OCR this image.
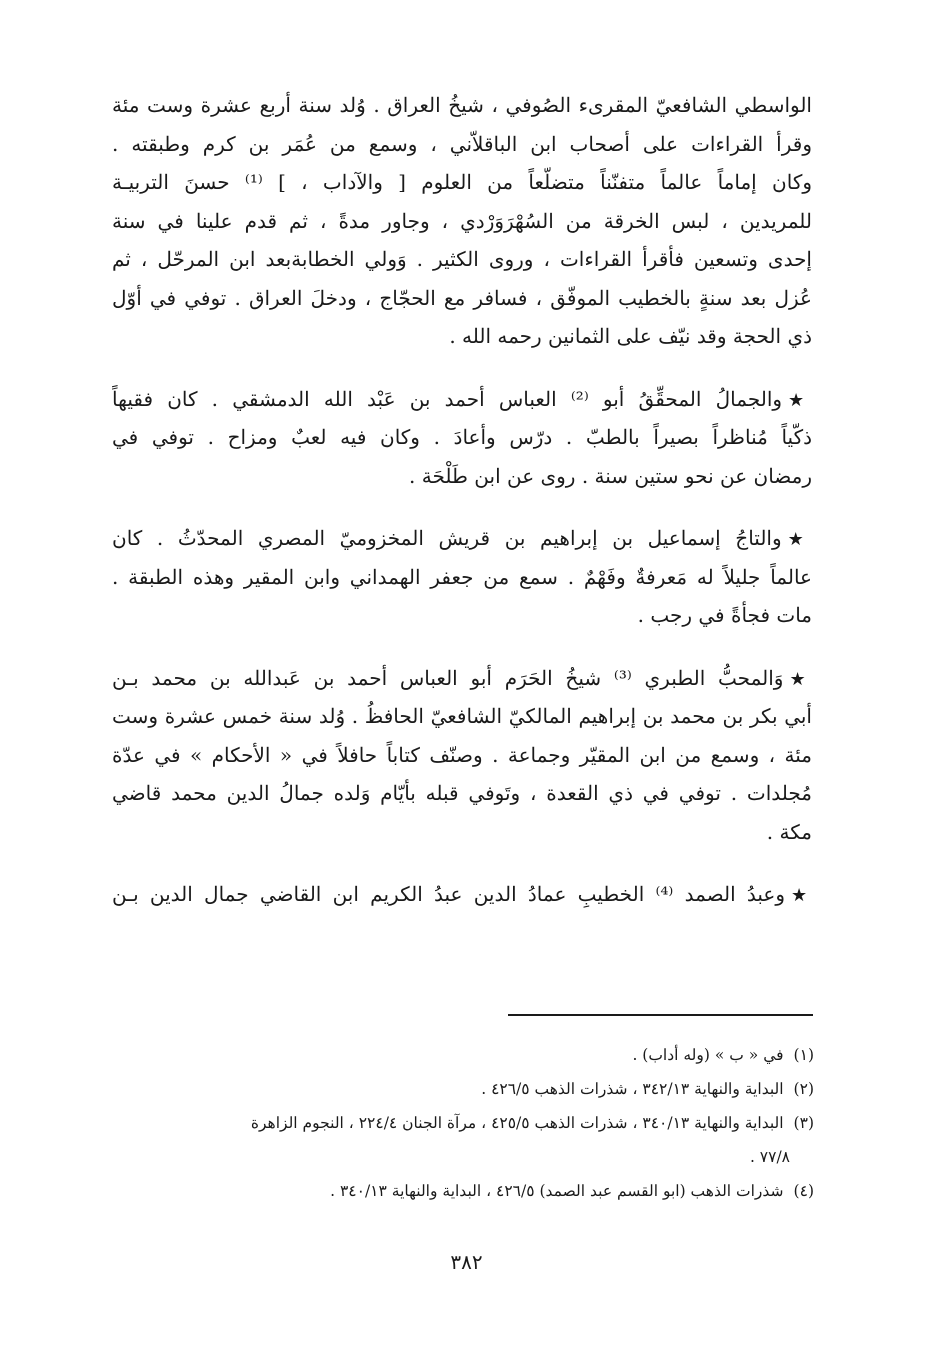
الواسطي الشافعيّ المقرىء الصُوفي ، شيخُ العراق . وُلد سنة أربع عشرة وست مئة
وقرأ القراءات على أصحاب ابن الباقلاّني ، وسمع من عُمَر بن كرم وطبقته .
وكان إماماً عالماً متفنّناً متضلّعاً من العلوم [ والآداب ، ] ⁽¹⁾ حسنَ التربيـة
للمريدين ، لبس الخرقة من السُهْرَوَرْدي ، وجاور مدةً ، ثم قدم علينا في سنة
إحدى وتسعين فأقرأ القراءات ، وروى الكثير . وَولي الخطابةبعد ابن المرحّل ، ثم
عُزل بعد سنةٍ بالخطيب الموفّق ، فسافر مع الحجّاج ، ودخلَ العراق . توفي في أوّل
ذي الحجة وقد نيّف على الثمانين رحمه الله .
★والجمالُ المحقِّقُ أبو ⁽²⁾ العباس أحمد بن عَبْد الله الدمشقي . كان فقيهاً
ذكّياً مُناظراً بصيراً بالطبّ . درّس وأعادَ . وكان فيه لعبٌ ومزاح . توفي في
رمضان عن نحو ستين سنة . روى عن ابن طَلْحَة .
★والتاجُ إسماعيل بن إبراهيم بن قريش المخزوميّ المصري المحدّثُ . كان
عالماً جليلاً له مَعرفةٌ وفَهْمٌ . سمع من جعفر الهمداني وابن المقير وهذه الطبقة .
مات فجأةً في رجب .
★وَالمحبُّ الطبري ⁽³⁾ شيخُ الحَرَم أبو العباس أحمد بن عَبدالله بن محمد بـن
أبي بكر بن محمد بن إبراهيم المالكيّ الشافعيّ الحافظُ . وُلد سنة خمس عشرة وست
مئة ، وسمع من ابن المقيّر وجماعة . وصنّف كتاباً حافلاً في « الأحكام » في عدّة
مُجلدات . توفي في ذي القعدة ، وتَوفي قبله بأيّام وَلده جمالُ الدين محمد قاضي
مكة .
★وعبدُ الصمد ⁽⁴⁾ الخطيبِ عمادُ الدين عبدُ الكريم ابن القاضي جمال الدين بـن
(١)في « ب » (وله أداب) .
(٢)البداية والنهاية ٣٤٢/١٣ ، شذرات الذهب ٤٢٦/٥ .
(٣)البداية والنهاية ٣٤٠/١٣ ، شذرات الذهب ٤٢٥/٥ ، مرآة الجنان ٢٢٤/٤ ، النجوم الزاهرة
٧٧/٨ .
(٤)شذرات الذهب (ابو القسم عبد الصمد) ٤٢٦/٥ ، البداية والنهاية ٣٤٠/١٣ .
٣٨٢
